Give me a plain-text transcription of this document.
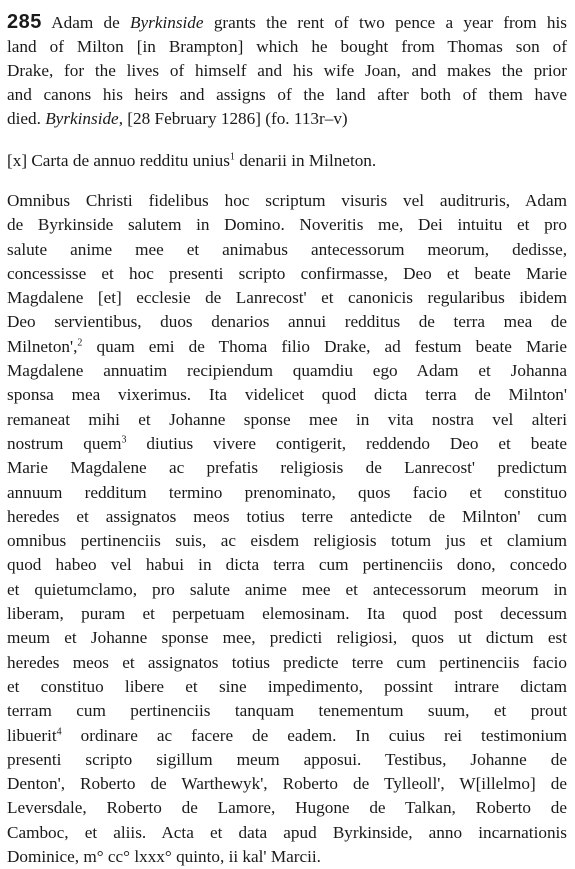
285 Adam de Byrkinside grants the rent of two pence a year from his
land of Milton [in Brampton] which he bought from Thomas son of
Drake, for the lives of himself and his wife Joan, and makes the prior
and canons his heirs and assigns of the land after both of them have
died. Byrkinside, [28 February 1286] (fo. 113r–v)

[x] Carta de annuo redditu unius$^1$ denarii in Milneton.

Omnibus Christi fidelibus hoc scriptum visuris vel auditruris, Adam
de Byrkinside salutem in Domino. Noveritis me, Dei intuitu et pro
salute anime mee et animabus antecessorum meorum, dedisse,
concessisse et hoc presenti scripto confirmasse, Deo et beate Marie
Magdalene [et] ecclesie de Lanrecost' et canonicis regularibus ibidem
Deo servientibus, duos denarios annui redditus de terra mea de
Milneton',$^2$ quam emi de Thoma filio Drake, ad festum beate Marie
Magdalene annuatim recipiendum quamdiu ego Adam et Johanna
sponsa mea vixerimus. Ita videlicet quod dicta terra de Milnton'
remaneat mihi et Johanne sponse mee in vita nostra vel alteri
nostrum quem$^3$ diutius vivere contigerit, reddendo Deo et beate
Marie Magdalene ac prefatis religiosis de Lanrecost' predictum
annuum redditum termino prenominato, quos facio et constituo
heredes et assignatos meos totius terre antedicte de Milnton' cum
omnibus pertinenciis suis, ac eisdem religiosis totum jus et clamium
quod habeo vel habui in dicta terra cum pertinenciis dono, concedo
et quietumclamo, pro salute anime mee et antecessorum meorum in
liberam, puram et perpetuam elemosinam. Ita quod post decessum
meum et Johanne sponse mee, predicti religiosi, quos ut dictum est
heredes meos et assignatos totius predicte terre cum pertinenciis facio
et constituo libere et sine impedimento, possint intrare dictam
terram cum pertinenciis tanquam tenementum suum, et prout
libuerit$^4$ ordinare ac facere de eadem. In cuius rei testimonium
presenti scripto sigillum meum apposui. Testibus, Johanne de
Denton', Roberto de Warthewyk', Roberto de Tylleoll', W[illelmo] de
Leversdale, Roberto de Lamore, Hugone de Talkan, Roberto de
Camboc, et aliis. Acta et data apud Byrkinside, anno incarnationis
Dominice, m° cc° lxxx° quinto, ii kal' Marcii.
